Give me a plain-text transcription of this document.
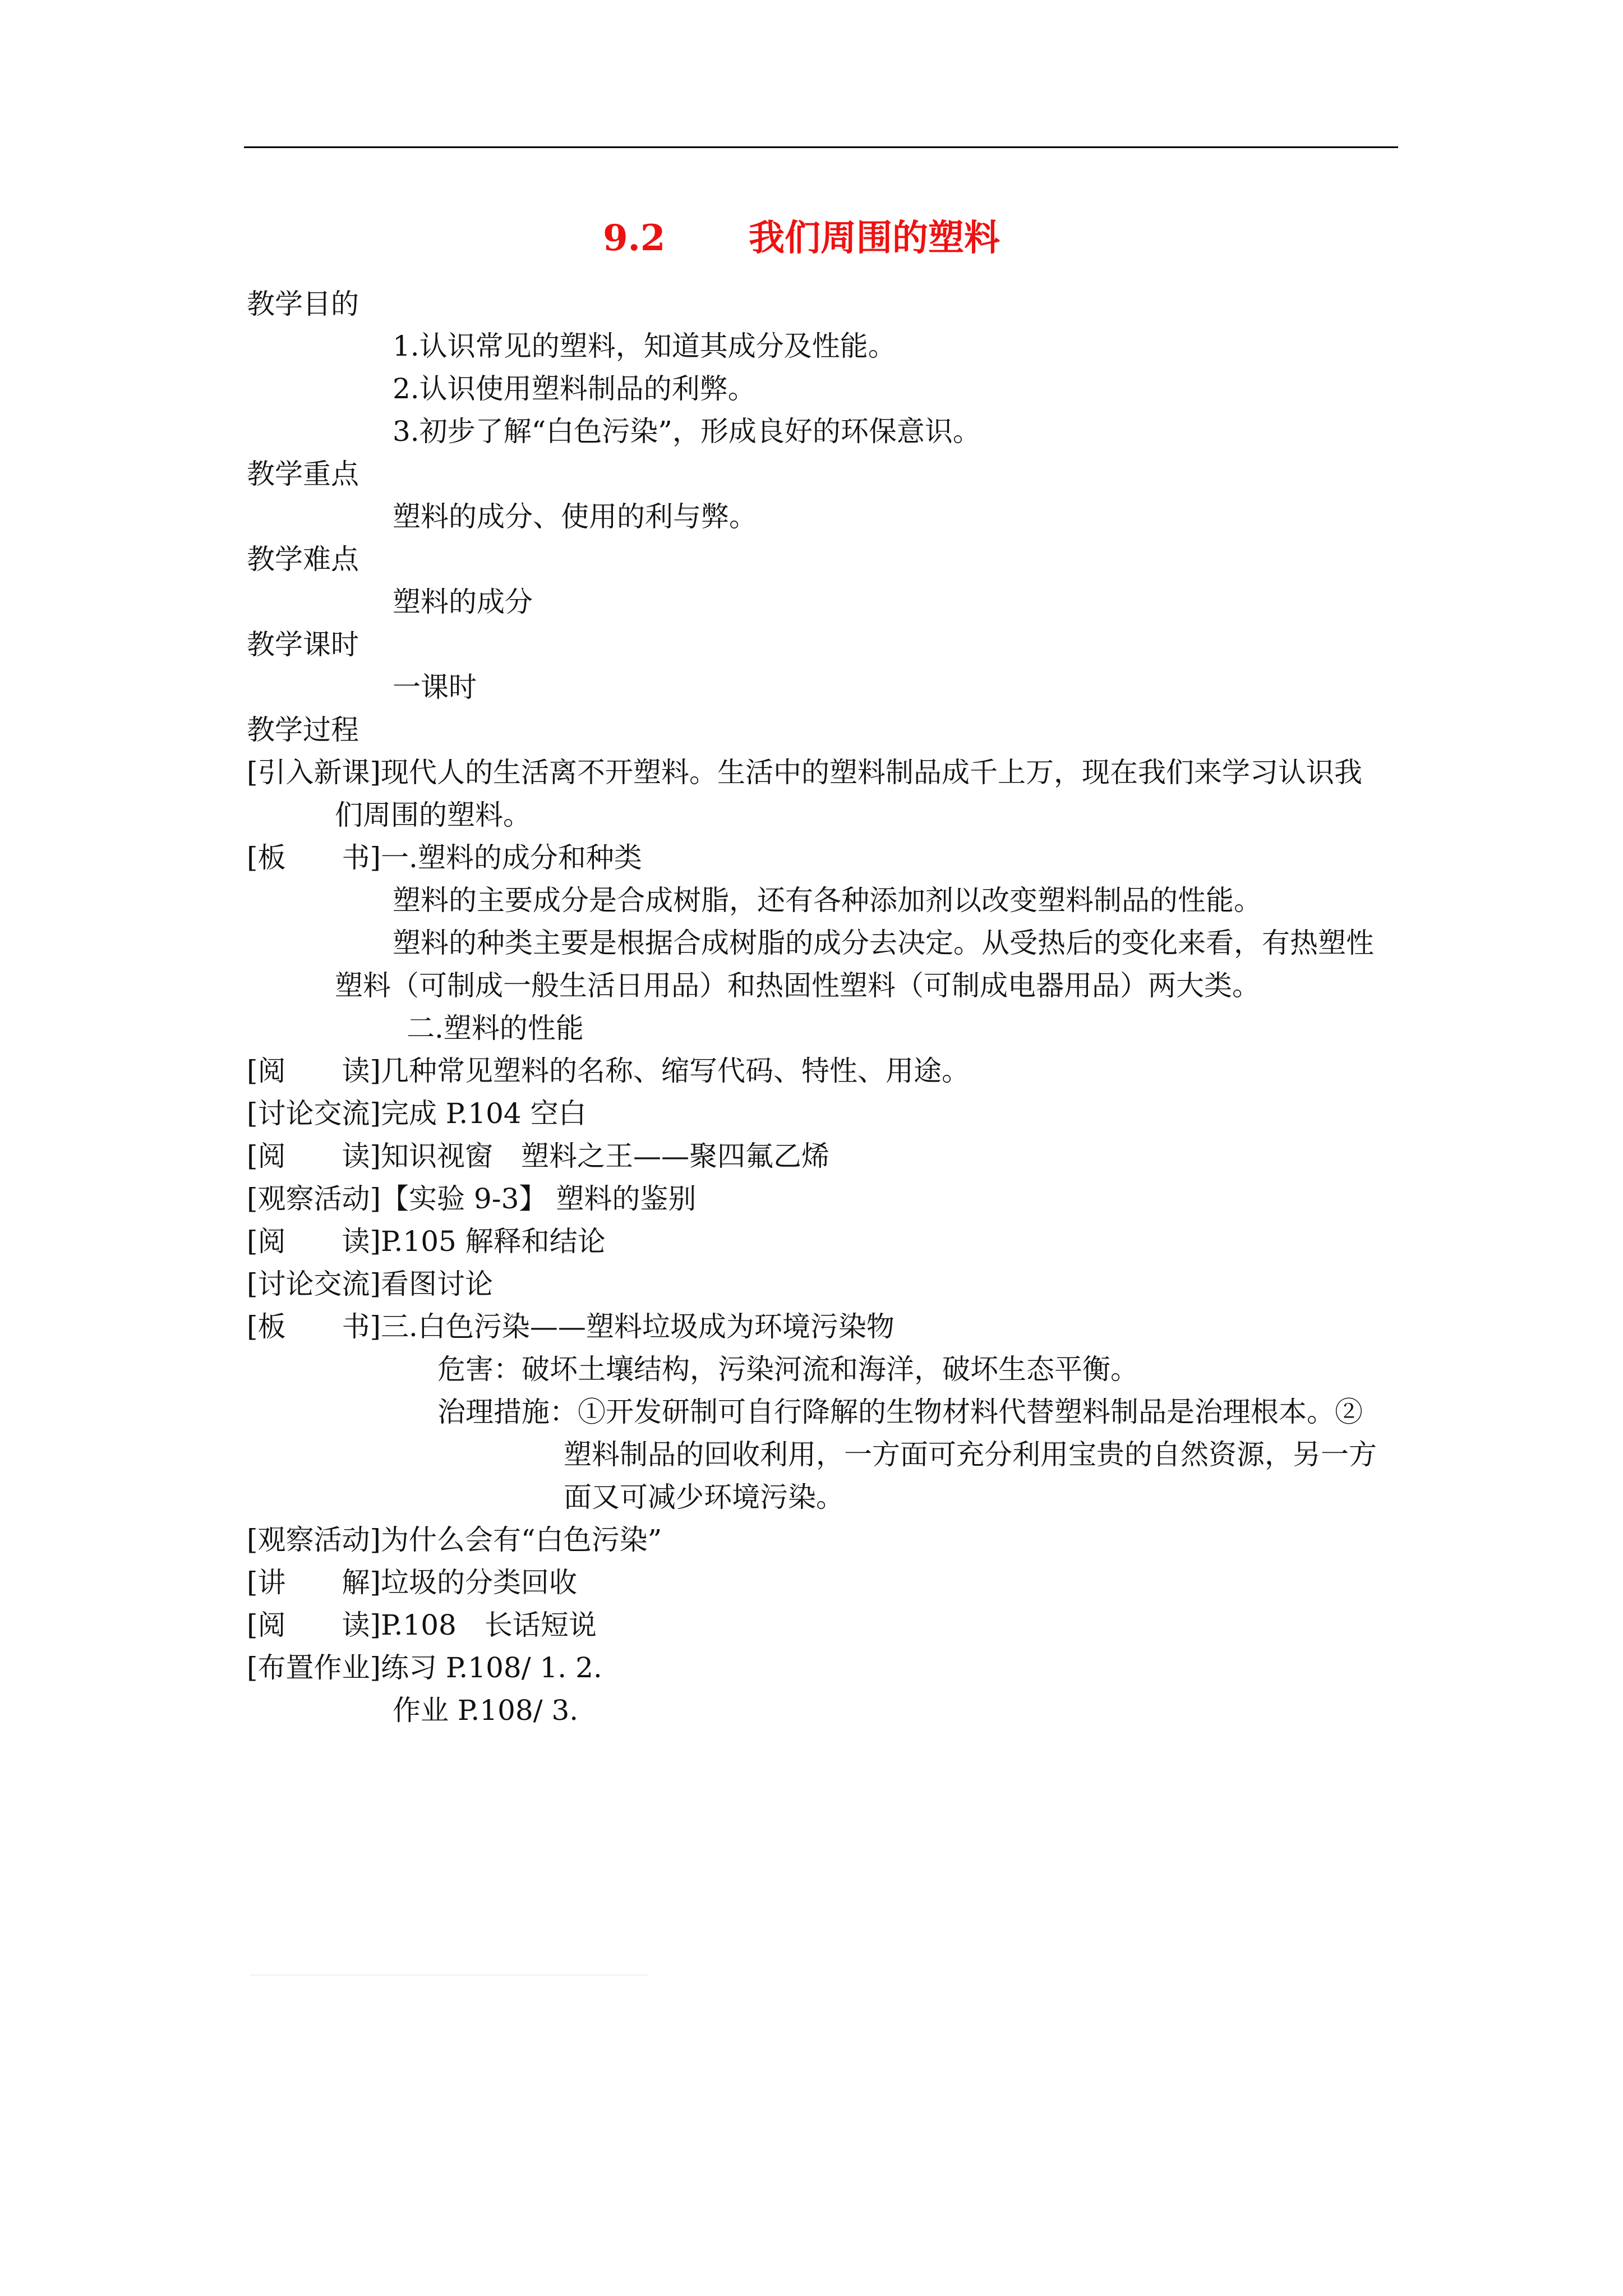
9.2 我们周围的塑料
教学目的
1.认识常见的塑料，知道其成分及性能。
2.认识使用塑料制品的利弊。
3.初步了解“白色污染”，形成良好的环保意识。
教学重点
塑料的成分、使用的利与弊。
教学难点
塑料的成分
教学课时
一课时
教学过程
[引入新课]现代人的生活离不开塑料。生活中的塑料制品成千上万，现在我们来学习认识我
们周围的塑料。
[板　　书]一.塑料的成分和种类
塑料的主要成分是合成树脂，还有各种添加剂以改变塑料制品的性能。
塑料的种类主要是根据合成树脂的成分去决定。从受热后的变化来看，有热塑性
塑料（可制成一般生活日用品）和热固性塑料（可制成电器用品）两大类。
二.塑料的性能
[阅　　读]几种常见塑料的名称、缩写代码、特性、用途。
[讨论交流]完成 P.104 空白
[阅　　读]知识视窗　塑料之王——聚四氟乙烯
[观察活动]【实验 9-3】 塑料的鉴别
[阅　　读]P.105 解释和结论
[讨论交流]看图讨论
[板　　书]三.白色污染——塑料垃圾成为环境污染物
危害：破坏土壤结构，污染河流和海洋，破坏生态平衡。
治理措施：①开发研制可自行降解的生物材料代替塑料制品是治理根本。②
塑料制品的回收利用，一方面可充分利用宝贵的自然资源，另一方
面又可减少环境污染。
[观察活动]为什么会有“白色污染”
[讲　　解]垃圾的分类回收
[阅　　读]P.108　长话短说
[布置作业]练习 P.108/ 1. 2.
作业 P.108/ 3.
